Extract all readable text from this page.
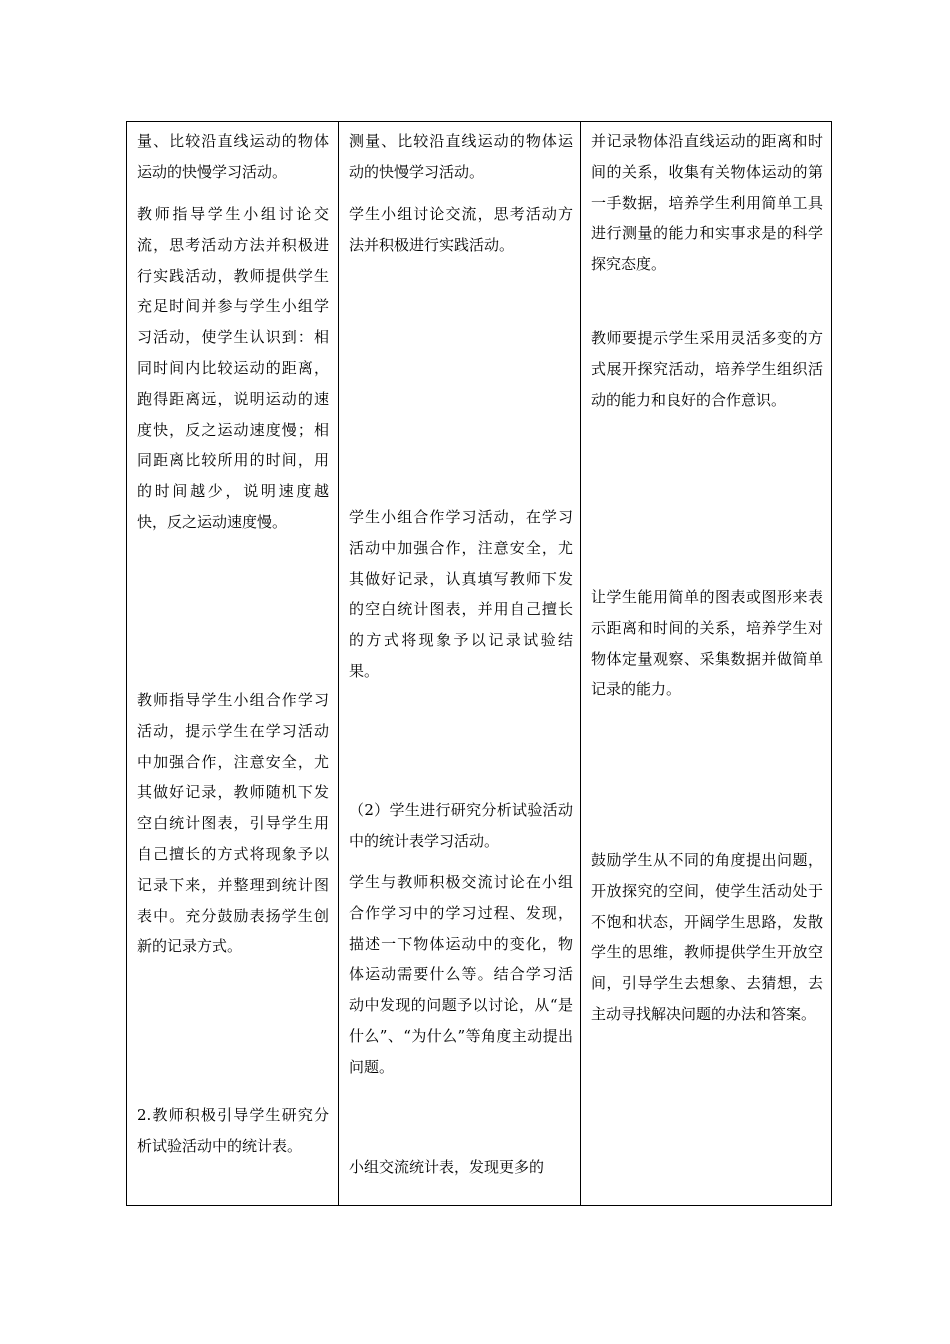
量、比较沿直线运动的物体运动的快慢学习活动。

教师指导学生小组讨论交流，思考活动方法并积极进行实践活动，教师提供学生充足时间并参与学生小组学习活动，使学生认识到：相同时间内比较运动的距离，跑得距离远，说明运动的速度快，反之运动速度慢；相同距离比较所用的时间，用的时间越少，说明速度越快，反之运动速度慢。

教师指导学生小组合作学习活动，提示学生在学习活动中加强合作，注意安全，尤其做好记录，教师随机下发空白统计图表，引导学生用自己擅长的方式将现象予以记录下来，并整理到统计图表中。充分鼓励表扬学生创新的记录方式。

2.教师积极引导学生研究分析试验活动中的统计表。

测量、比较沿直线运动的物体运动的快慢学习活动。

学生小组讨论交流，思考活动方法并积极进行实践活动。

学生小组合作学习活动，在学习活动中加强合作，注意安全，尤其做好记录，认真填写教师下发的空白统计图表，并用自己擅长的方式将现象予以记录试验结果。

（2）学生进行研究分析试验活动中的统计表学习活动。

学生与教师积极交流讨论在小组合作学习中的学习过程、发现，描述一下物体运动中的变化，物体运动需要什么等。结合学习活动中发现的问题予以讨论，从“是什么”、“为什么”等角度主动提出问题。

小组交流统计表，发现更多的

并记录物体沿直线运动的距离和时间的关系，收集有关物体运动的第一手数据，培养学生利用简单工具进行测量的能力和实事求是的科学探究态度。

教师要提示学生采用灵活多变的方式展开探究活动，培养学生组织活动的能力和良好的合作意识。

让学生能用简单的图表或图形来表示距离和时间的关系，培养学生对物体定量观察、采集数据并做简单记录的能力。

鼓励学生从不同的角度提出问题，开放探究的空间，使学生活动处于不饱和状态，开阔学生思路，发散学生的思维，教师提供学生开放空间，引导学生去想象、去猜想，去主动寻找解决问题的办法和答案。
